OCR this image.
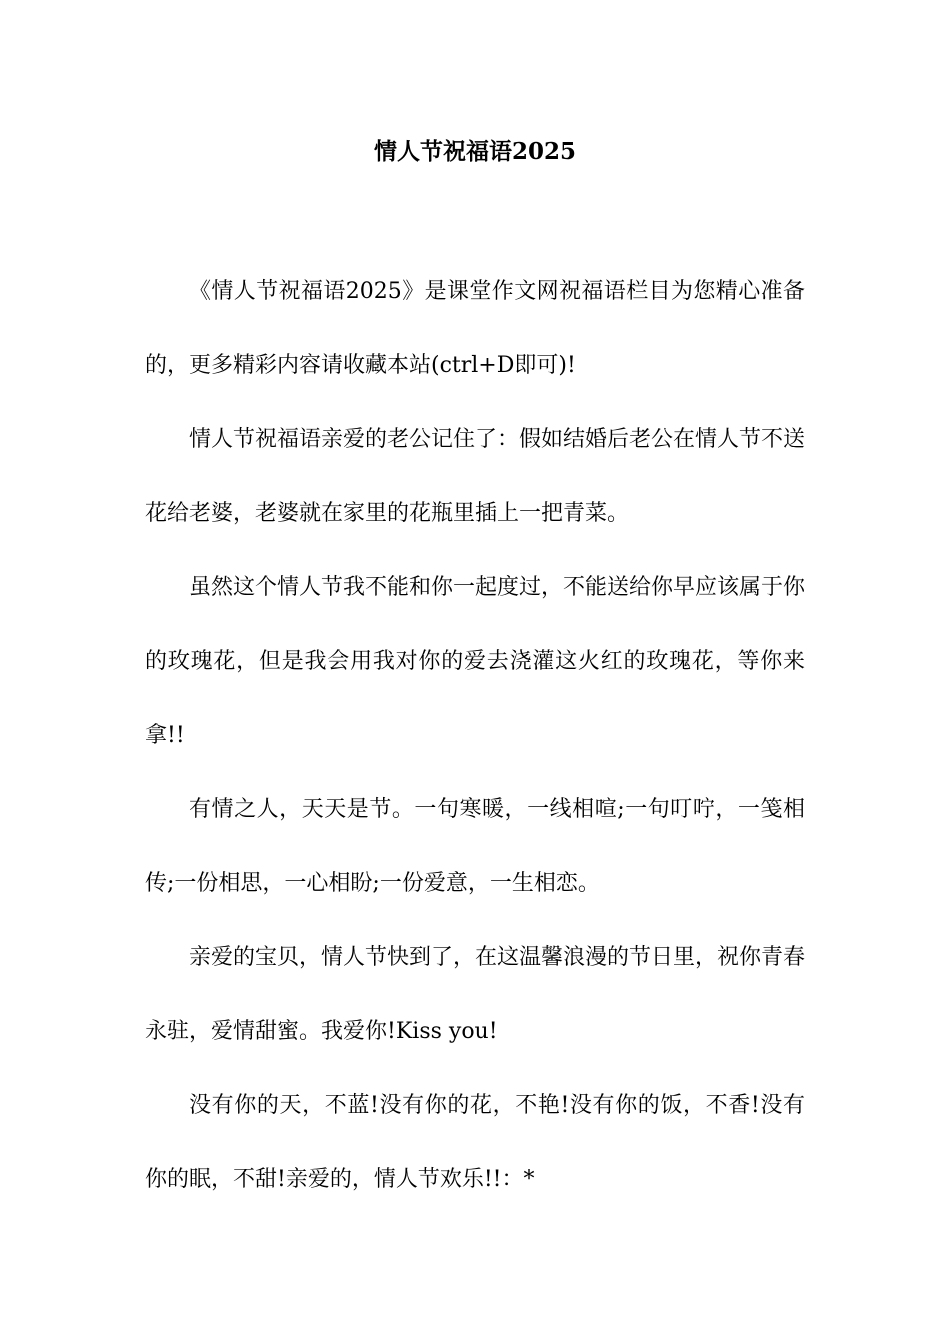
情人节祝福语2025

《情人节祝福语2025》是课堂作文网祝福语栏目为您精心准备的，更多精彩内容请收藏本站(ctrl+D即可)!

情人节祝福语亲爱的老公记住了：假如结婚后老公在情人节不送花给老婆，老婆就在家里的花瓶里插上一把青菜。

虽然这个情人节我不能和你一起度过，不能送给你早应该属于你的玫瑰花，但是我会用我对你的爱去浇灌这火红的玫瑰花，等你来拿!!

有情之人，天天是节。一句寒暖，一线相喧;一句叮咛，一笺相传;一份相思，一心相盼;一份爱意，一生相恋。

亲爱的宝贝，情人节快到了，在这温馨浪漫的节日里，祝你青春永驻，爱情甜蜜。我爱你!Kiss you!

没有你的天，不蓝!没有你的花，不艳!没有你的饭，不香!没有你的眠，不甜!亲爱的，情人节欢乐!!：*
